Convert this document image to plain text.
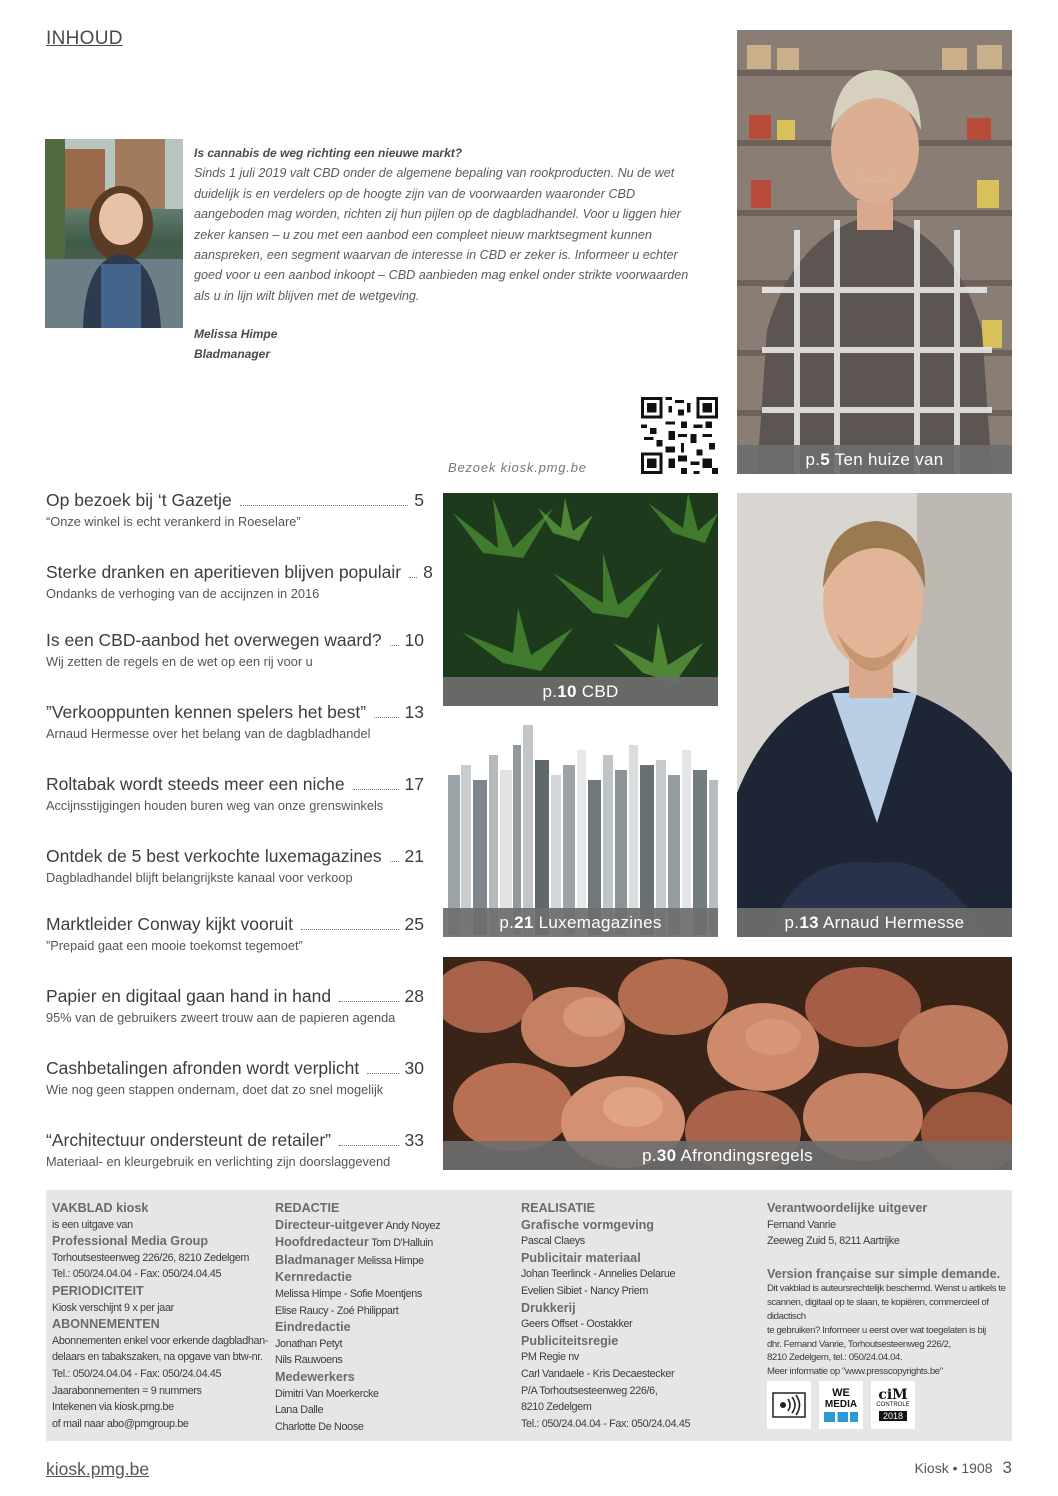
INHOUD
Is cannabis de weg richting een nieuwe markt?
Sinds 1 juli 2019 valt CBD onder de algemene bepaling van rookproducten. Nu de wet duidelijk is en verdelers op de hoogte zijn van de voorwaarden waaronder CBD aangeboden mag worden, richten zij hun pijlen op de dagbladhandel. Voor u liggen hier zeker kansen – u zou met een aanbod een compleet nieuw marktsegment kunnen aanspreken, een segment waarvan de interesse in CBD er zeker is. Informeer u echter goed voor u een aanbod inkoopt – CBD aanbieden mag enkel onder strikte voorwaarden als u in lijn wilt blijven met de wetgeving.
Melissa Himpe
Bladmanager
Bezoek kiosk.pmg.be	p.5 Ten huize van
p.10 CBD
p.13 Arnaud Hermesse
p.21 Luxemagazines
p.30 Afrondingsregels
Op bezoek bij ‘t Gazetje	5
“Onze winkel is echt verankerd in Roeselare”
Sterke dranken en aperitieven blijven populair 8
Ondanks de verhoging van de accijnzen in 2016
Is een CBD-aanbod het overwegen waard? 10
Wij zetten de regels en de wet op een rij voor u
”Verkooppunten kennen spelers het best” 13
Arnaud Hermesse over het belang van de dagbladhandel
Roltabak wordt steeds meer een niche	17
Accijnsstijgingen houden buren weg van onze grenswinkels
Ontdek de 5 best verkochte luxemagazines 21
Dagbladhandel blijft belangrijkste kanaal voor verkoop
Marktleider Conway kijkt vooruit	25
”Prepaid gaat een mooie toekomst tegemoet”
Papier en digitaal gaan hand in hand	28
95% van de gebruikers zweert trouw aan de papieren agenda
Cashbetalingen afronden wordt verplicht	30
Wie nog geen stappen ondernam, doet dat zo snel mogelijk
“Architectuur ondersteunt de retailer”	33
Materiaal- en kleurgebruik en verlichting zijn doorslaggevend
VAKBLAD kiosk
is een uitgave van
Professional Media Group
Torhoutsesteenweg 226/26, 8210 Zedelgem
Tel.: 050/24.04.04 - Fax: 050/24.04.45
PERIODICITEIT
Kiosk verschijnt 9 x per jaar
ABONNEMENTEN
Abonnementen enkel voor erkende dagbladhan-
delaars en tabakszaken, na opgave van btw-nr.
Tel.: 050/24.04.04 - Fax: 050/24.04.45
Jaarabonnementen = 9 nummers
Intekenen via kiosk.pmg.be
of mail naar abo@pmgroup.be
REDACTIE
Directeur-uitgever Andy Noyez
Hoofdredacteur Tom D'Halluin
Bladmanager Melissa Himpe
Kernredactie
Melissa Himpe - Sofie Moentjens
Elise Raucy - Zoé Philippart
Eindredactie
Jonathan Petyt
Nils Rauwoens
Medewerkers
Dimitri Van Moerkercke
Lana Dalle
Charlotte De Noose
REALISATIE
Grafische vormgeving
Pascal Claeys
Publicitair materiaal
Johan Teerlinck - Annelies Delarue
Evelien Sibiet - Nancy Priem
Drukkerij
Geers Offset - Oostakker
Publiciteitsregie
PM Regie nv
Carl Vandaele - Kris Decaestecker
P/A Torhoutsesteenweg 226/6,
8210 Zedelgem
Tel.: 050/24.04.04 - Fax: 050/24.04.45
Verantwoordelijke uitgever
Fernand Vanrie
Zeeweg Zuid 5, 8211 Aartrijke
Version française sur simple demande.
Dit vakblad is auteursrechtelijk beschermd. Wenst u artikels te
scannen, digitaal op te slaan, te kopiëren, commercieel of didactisch
te gebruiken? Informeer u eerst over wat toegelaten is bij
dhr. Fernand Vanrie, Torhoutsesteenweg 226/2,
8210 Zedelgem, tel.: 050/24.04.04.
Meer informatie op "www.presscopyrights.be"
WE
MEDIA
ciM
CONTROLE
2018
kiosk.pmg.be	Kiosk • 1908 3
